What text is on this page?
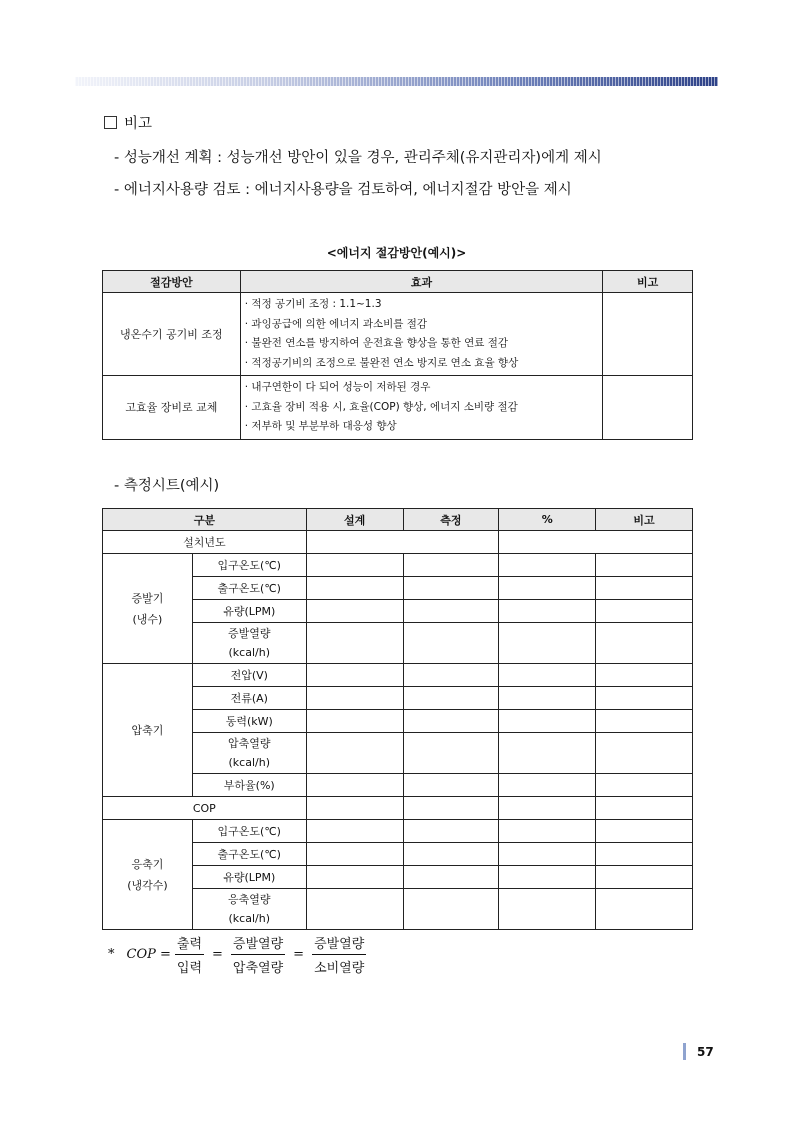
비고
- 성능개선 계획 : 성능개선 방안이 있을 경우, 관리주체(유지관리자)에게 제시
- 에너지사용량 검토 : 에너지사용량을 검토하여, 에너지절감 방안을 제시
<에너지 절감방안(예시)>
절감방안	효과	비고
냉온수기 공기비 조정	· 적정 공기비 조정 : 1.1~1.3
· 과잉공급에 의한 에너지 과소비를 절감
· 불완전 연소를 방지하여 운전효율 향상을 통한 연료 절감
· 적정공기비의 조정으로 불완전 연소 방지로 연소 효율 향상	

고효율 장비로 교체	· 내구연한이 다 되어 성능이 저하된 경우
· 고효율 장비 적용 시, 효율(COP) 향상, 에너지 소비량 절감
· 저부하 및 부분부하 대응성 향상	

- 측정시트(예시)
구분		설계	측정	%	비고
설치년도					

증발기
(냉수)	입구온도(℃)				
	출구온도(℃)				
	유량(LPM)				

	증발열량
(kcal/h)				

압축기	전압(V)				
	전류(A)				
	동력(kW)				

	압축열량
(kcal/h)				

	부하율(%)				
COP					

응축기
(냉각수)	입구온도(℃)				
	출구온도(℃)				
	유량(LPM)				

	응축열량
(kcal/h)				

* COP = $\frac{\text{출력}}{\text{입력}} = \frac{\text{증발열량}}{\text{압축열량}} = \frac{\text{증발열량}}{\text{소비열량}}$
57
